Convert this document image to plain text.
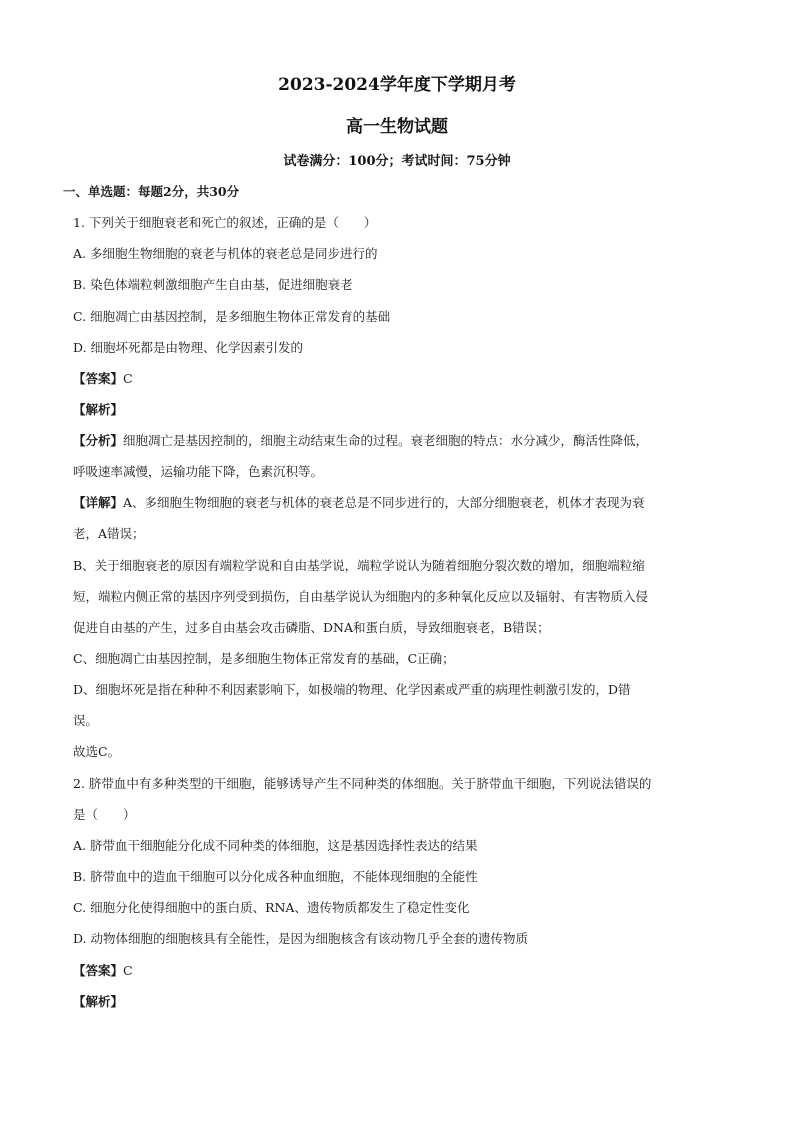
2023-2024学年度下学期月考
高一生物试题
试卷满分：100分；考试时间：75分钟
一、单选题：每题2分，共30分
1. 下列关于细胞衰老和死亡的叙述，正确的是（　　）
A. 多细胞生物细胞的衰老与机体的衰老总是同步进行的
B. 染色体端粒刺激细胞产生自由基，促进细胞衰老
C. 细胞凋亡由基因控制，是多细胞生物体正常发育的基础
D. 细胞坏死都是由物理、化学因素引发的
【答案】C
【解析】
【分析】细胞凋亡是基因控制的，细胞主动结束生命的过程。衰老细胞的特点：水分减少，酶活性降低，
呼吸速率减慢，运输功能下降，色素沉积等。
【详解】A、多细胞生物细胞的衰老与机体的衰老总是不同步进行的，大部分细胞衰老，机体才表现为衰
老，A错误；
B、关于细胞衰老的原因有端粒学说和自由基学说，端粒学说认为随着细胞分裂次数的增加，细胞端粒缩
短，端粒内侧正常的基因序列受到损伤，自由基学说认为细胞内的多种氧化反应以及辐射、有害物质入侵
促进自由基的产生，过多自由基会攻击磷脂、DNA和蛋白质，导致细胞衰老，B错误；
C、细胞凋亡由基因控制，是多细胞生物体正常发育的基础，C正确；
D、细胞坏死是指在种种不利因素影响下，如极端的物理、化学因素或严重的病理性刺激引发的，D错
误。
故选C。
2. 脐带血中有多种类型的干细胞，能够诱导产生不同种类的体细胞。关于脐带血干细胞，下列说法错误的
是（　　）
A. 脐带血干细胞能分化成不同种类的体细胞，这是基因选择性表达的结果
B. 脐带血中的造血干细胞可以分化成各种血细胞，不能体现细胞的全能性
C. 细胞分化使得细胞中的蛋白质、RNA、遗传物质都发生了稳定性变化
D. 动物体细胞的细胞核具有全能性，是因为细胞核含有该动物几乎全套的遗传物质
【答案】C
【解析】
